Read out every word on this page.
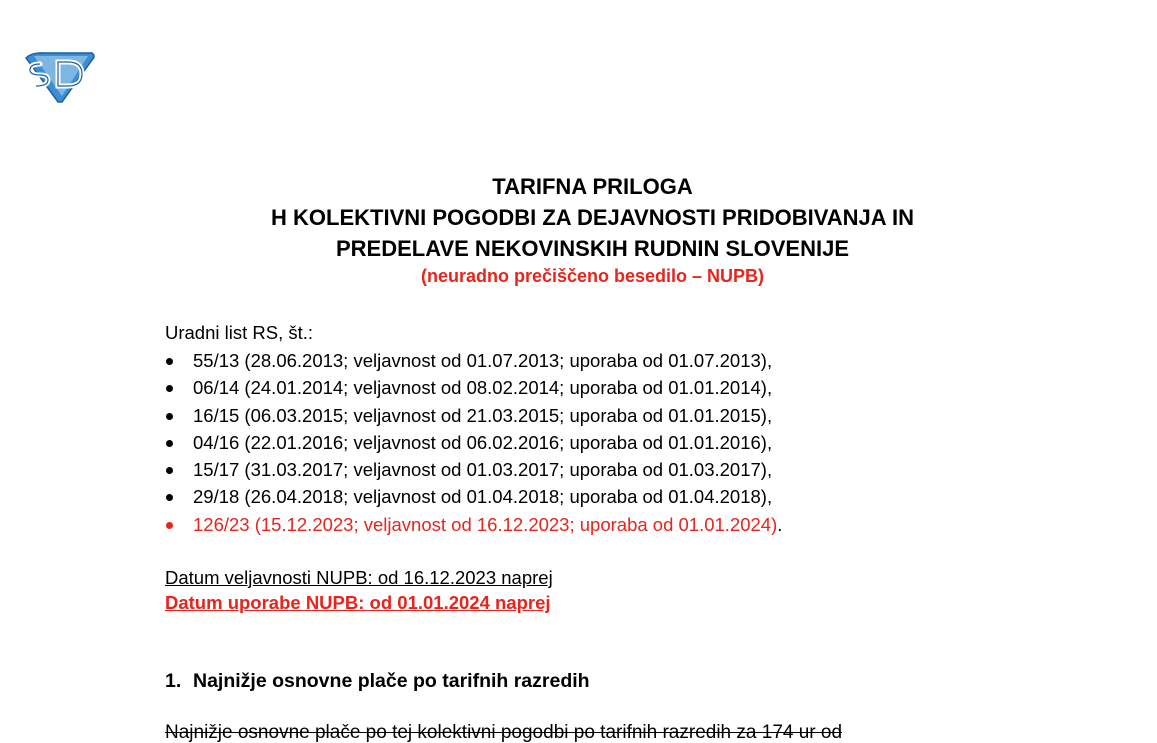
TARIFNA PRILOGA
H KOLEKTIVNI POGODBI ZA DEJAVNOSTI PRIDOBIVANJA IN
PREDELAVE NEKOVINSKIH RUDNIN SLOVENIJE
(neuradno prečiščeno besedilo – NUPB)
Uradni list RS, št.:
55/13 (28.06.2013; veljavnost od 01.07.2013; uporaba od 01.07.2013),
06/14 (24.01.2014; veljavnost od 08.02.2014; uporaba od 01.01.2014),
16/15 (06.03.2015; veljavnost od 21.03.2015; uporaba od 01.01.2015),
04/16 (22.01.2016; veljavnost od 06.02.2016; uporaba od 01.01.2016),
15/17 (31.03.2017; veljavnost od 01.03.2017; uporaba od 01.03.2017),
29/18 (26.04.2018; veljavnost od 01.04.2018; uporaba od 01.04.2018),
126/23 (15.12.2023; veljavnost od 16.12.2023; uporaba od 01.01.2024).
Datum veljavnosti NUPB: od 16.12.2023 naprej
Datum uporabe NUPB: od 01.01.2024 naprej
1. Najnižje osnovne plače po tarifnih razredih
Najnižje osnovne plače po tej kolektivni pogodbi po tarifnih razredih za 174 ur od
